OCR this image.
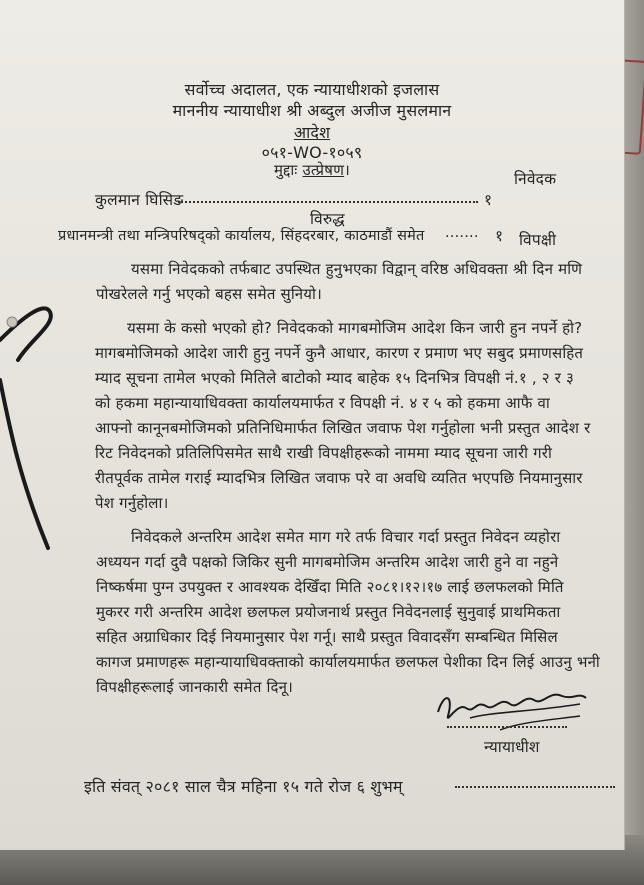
सर्वोच्च अदालत, एक न्यायाधीशको इजलास
माननीय न्यायाधीश श्री अब्दुल अजीज मुसलमान
आदेश
०५१-WO-१०५९
मुद्दाः उत्प्रेषण।
कुलमान घिसिङ	१
निवेदक
विरुद्ध
प्रधानमन्त्री तथा मन्त्रिपरिषद्को कार्यालय, सिंहदरबार, काठमाडौं समेत ....... १ विपक्षी
यसमा निवेदकको तर्फबाट उपस्थित हुनुभएका विद्वान् वरिष्ठ अधिवक्ता श्री दिन मणि
पोखरेलले गर्नु भएको बहस समेत सुनियो।
यसमा के कसो भएको हो? निवेदकको मागबमोजिम आदेश किन जारी हुन नपर्ने हो?
मागबमोजिमको आदेश जारी हुनु नपर्ने कुनै आधार, कारण र प्रमाण भए सबुद प्रमाणसहित
म्याद सूचना तामेल भएको मितिले बाटोको म्याद बाहेक १५ दिनभित्र विपक्षी नं.१ , २ र ३
को हकमा महान्यायाधिवक्ता कार्यालयमार्फत र विपक्षी नं. ४ र ५ को हकमा आफै वा
आफ्नो कानूनबमोजिमको प्रतिनिधिमार्फत लिखित जवाफ पेश गर्नुहोला भनी प्रस्तुत आदेश र
रिट निवेदनको प्रतिलिपिसमेत साथै राखी विपक्षीहरूको नाममा म्याद सूचना जारी गरी
रीतपूर्वक तामेल गराई म्यादभित्र लिखित जवाफ परे वा अवधि व्यतित भएपछि नियमानुसार
पेश गर्नुहोला।
निवेदकले अन्तरिम आदेश समेत माग गरे तर्फ विचार गर्दा प्रस्तुत निवेदन व्यहोरा
अध्ययन गर्दा दुवै पक्षको जिकिर सुनी मागबमोजिम अन्तरिम आदेश जारी हुने वा नहुने
निष्कर्षमा पुग्न उपयुक्त र आवश्यक देखिँदा मिति २०८१।१२।१७ लाई छलफलको मिति
मुकरर गरी अन्तरिम आदेश छलफल प्रयोजनार्थ प्रस्तुत निवेदनलाई सुनुवाई प्राथमिकता
सहित अग्राधिकार दिई नियमानुसार पेश गर्नू। साथै प्रस्तुत विवादसँग सम्बन्धित मिसिल
कागज प्रमाणहरू महान्यायाधिवक्ताको कार्यालयमार्फत छलफल पेशीका दिन लिई आउनु भनी
विपक्षीहरूलाई जानकारी समेत दिनू।
न्यायाधीश
इति संवत् २०८१ साल चैत्र महिना १५ गते रोज ६ शुभम्
